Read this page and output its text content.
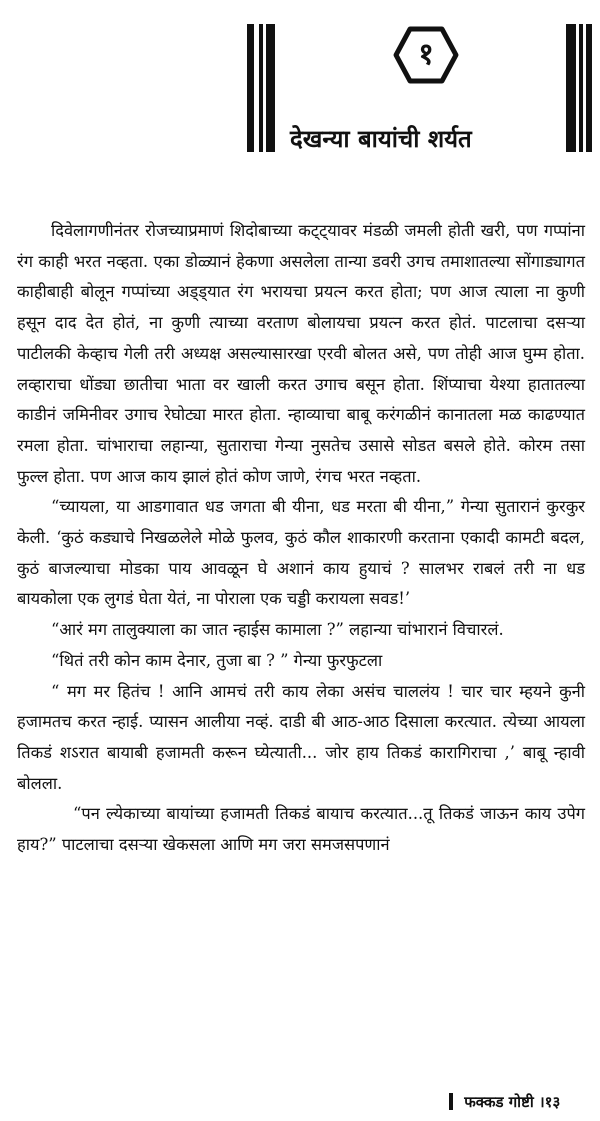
१
देखन्या बायांची शर्यत

दिवेलागणीनंतर रोजच्याप्रमाणं शिदोबाच्या कट्ट्यावर मंडळी जमली होती खरी, पण गप्पांना रंग काही भरत नव्हता. एका डोळ्यानं हेकणा असलेला तान्या डवरी उगच तमाशातल्या सोंगाड्यागत काहीबाही बोलून गप्पांच्या अड्ड्यात रंग भरायचा प्रयत्न करत होता; पण आज त्याला ना कुणी हसून दाद देत होतं, ना कुणी त्याच्या वरताण बोलायचा प्रयत्न करत होतं. पाटलाचा दसऱ्या पाटीलकी केव्हाच गेली तरी अध्यक्ष असल्यासारखा एरवी बोलत असे, पण तोही आज घुम्म होता. लव्हाराचा धोंड्या छातीचा भाता वर खाली करत उगाच बसून होता. शिंप्याचा येश्या हातातल्या काडीनं जमिनीवर उगाच रेघोट्या मारत होता. न्हाव्याचा बाबू करंगळीनं कानातला मळ काढण्यात रमला होता. चांभाराचा लहान्या, सुताराचा गेन्या नुसतेच उसासे सोडत बसले होते. कोरम तसा फुल्ल होता. पण आज काय झालं होतं कोण जाणे, रंगच भरत नव्हता.

“च्यायला, या आडगावात धड जगता बी यीना, धड मरता बी यीना,” गेन्या सुतारानं कुरकुर केली. ‘कुठं कड्याचे निखळलेले मोळे फुलव, कुठं कौल शाकारणी करताना एकादी कामटी बदल, कुठं बाजल्याचा मोडका पाय आवळून घे अशानं काय हुयाचं ? सालभर राबलं तरी ना धड बायकोला एक लुगडं घेता येतं, ना पोराला एक चड्डी करायला सवड!’

“आरं मग तालुक्याला का जात न्हाईस कामाला ?” लहान्या चांभारानं विचारलं.

“थितं तरी कोन काम देनार, तुजा बा ? ” गेन्या फुरफुटला

“ मग मर हितंच ! आनि आमचं तरी काय लेका असंच चाललंय ! चार चार म्हयने कुनी हजामतच करत न्हाई. प्यासन आलीया नव्हं. दाडी बी आठ-आठ दिसाला करत्यात. त्येच्या आयला तिकडं शऽरात बायाबी हजामती करून घ्येत्याती... जोर हाय तिकडं कारागिराचा ,’ बाबू न्हावी बोलला.

“पन ल्येकाच्या बायांच्या हजामती तिकडं बायाच करत्यात...तू तिकडं जाऊन काय उपेग हाय?” पाटलाचा दसऱ्या खेकसला आणि मग जरा समजसपणानं

फक्कड गोष्टी ।१३
